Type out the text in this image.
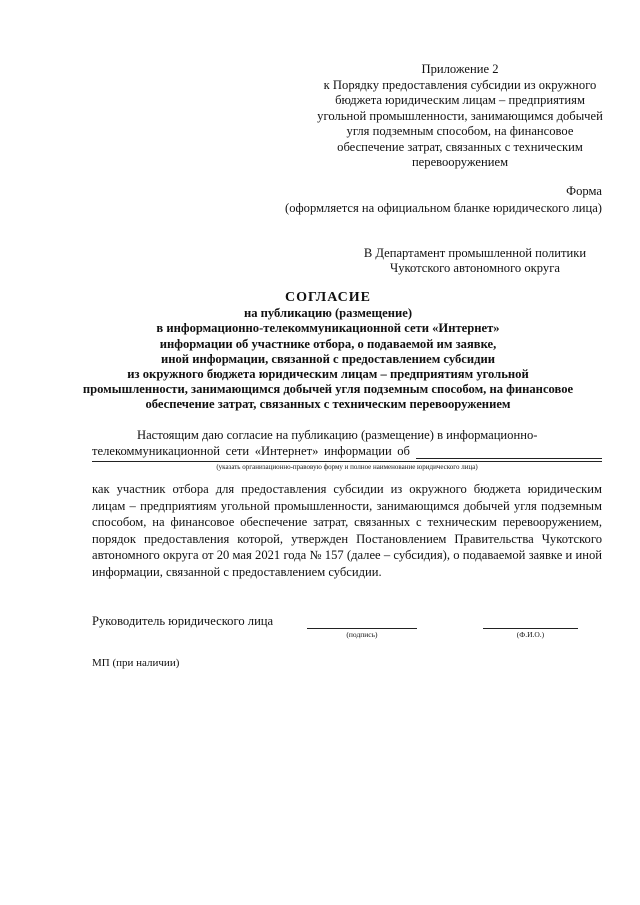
Приложение 2
к Порядку предоставления субсидии из окружного
бюджета юридическим лицам – предприятиям
угольной промышленности, занимающимся добычей
угля подземным способом, на финансовое
обеспечение затрат, связанных с техническим
перевооружением
Форма
(оформляется на официальном бланке юридического лица)
В Департамент промышленной политики
Чукотского автономного округа
СОГЛАСИЕ
на публикацию (размещение)
в информационно-телекоммуникационной сети «Интернет»
информации об участнике отбора, о подаваемой им заявке,
иной информации, связанной с предоставлением субсидии
из окружного бюджета юридическим лицам – предприятиям угольной
промышленности, занимающимся добычей угля подземным способом, на финансовое
обеспечение затрат, связанных с техническим перевооружением
Настоящим даю согласие на публикацию (размещение) в информационно-
телекоммуникационной сети «Интернет» информации об
(указать организационно-правовую форму и полное наименование юридического лица)
как участник отбора для предоставления субсидии из окружного бюджета юридическим лицам – предприятиям угольной промышленности, занимающимся добычей угля подземным способом, на финансовое обеспечение затрат, связанных с техническим перевооружением, порядок предоставления которой, утвержден Постановлением Правительства Чукотского автономного округа от 20 мая 2021 года № 157 (далее – субсидия), о подаваемой заявке и иной информации, связанной с предоставлением субсидии.
Руководитель юридического лица
(подпись)	(Ф.И.О.)
МП (при наличии)
